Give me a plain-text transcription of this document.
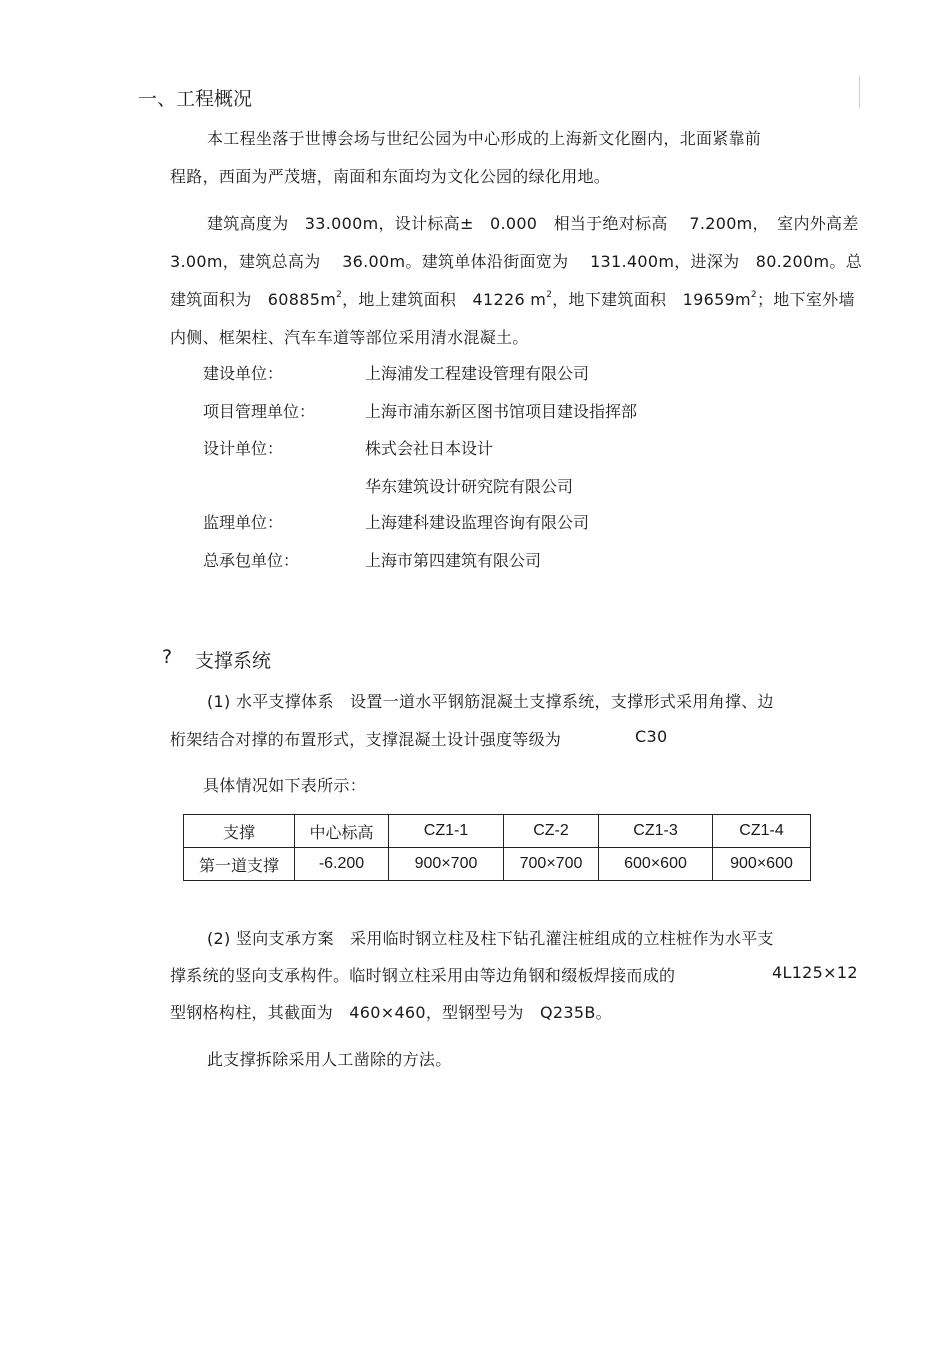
一、工程概况
本工程坐落于世博会场与世纪公园为中心形成的上海新文化圈内，北面紧靠前
程路，西面为严茂塘，南面和东面均为文化公园的绿化用地。
建筑高度为　33.000m，设计标高±　0.000　相当于绝对标高　 7.200m，　室内外高差
3.00m，建筑总高为　 36.00m。建筑单体沿街面宽为　 131.400m，进深为　80.200m。总
建筑面积为　$60885m^2$，地上建筑面积　41226 $m^2$，地下建筑面积　$19659m^2$；地下室外墙
内侧、框架柱、汽车车道等部位采用清水混凝土。
建设单位：	上海浦发工程建设管理有限公司
项目管理单位：	上海市浦东新区图书馆项目建设指挥部
设计单位：	株式会社日本设计
华东建筑设计研究院有限公司
监理单位：	上海建科建设监理咨询有限公司
总承包单位：	上海市第四建筑有限公司
? 支撑系统
(1) 水平支撑体系　设置一道水平钢筋混凝土支撑系统，支撑形式采用角撑、边
桁架结合对撑的布置形式，支撑混凝土设计强度等级为	C30
具体情况如下表所示：
支撑	中心标高	CZ1-1	CZ-2	CZ1-3	CZ1-4
第一道支撑	-6.200	900×700	700×700	600×600	900×600
(2) 竖向支承方案　采用临时钢立柱及柱下钻孔灌注桩组成的立柱桩作为水平支
撑系统的竖向支承构件。临时钢立柱采用由等边角钢和缀板焊接而成的	4L125×12
型钢格构柱，其截面为　460×460，型钢型号为　Q235B。
此支撑拆除采用人工凿除的方法。
